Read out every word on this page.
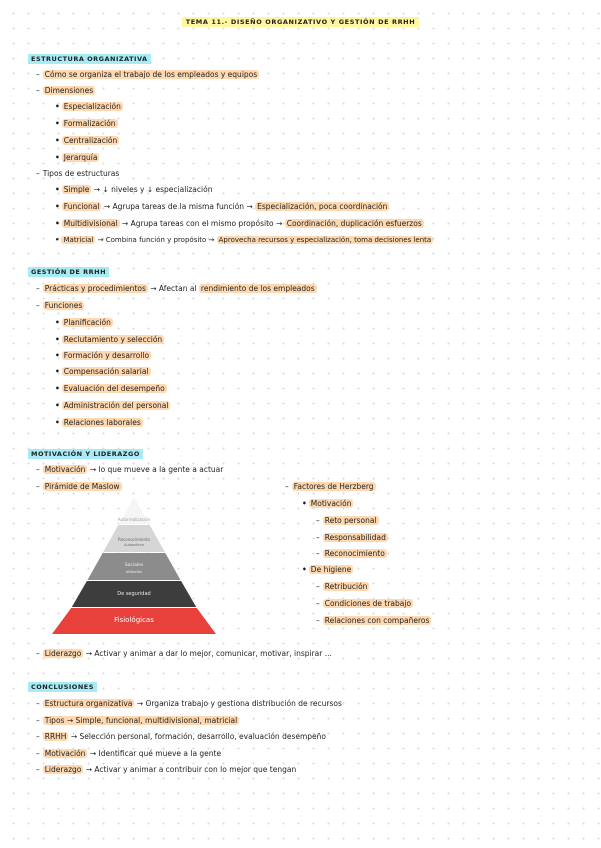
TEMA 11.- DISEÑO ORGANIZATIVO Y GESTIÓN DE RRHH
ESTRUCTURA ORGANIZATIVA
– Cómo se organiza el trabajo de los empleados y equipos
– Dimensiones
• Especialización
• Formalización
• Centralización
• Jerarquía
– Tipos de estructuras
• Simple → ↓ niveles y ↓ especialización
• Funcional → Agrupa tareas de la misma función → Especialización, poca coordinación
• Multidivisional → Agrupa tareas con el mismo propósito → Coordinación, duplicación esfuerzos
• Matricial → Combina función y propósito → Aprovecha recursos y especialización, toma decisiones lenta
GESTIÓN DE RRHH
– Prácticas y procedimientos → Afectan al rendimiento de los empleados
– Funciones
• Planificación
• Reclutamiento y selección
• Formación y desarrollo
• Compensación salarial
• Evaluación del desempeño
• Administración del personal
• Relaciones laborales
MOTIVACIÓN Y LIDERAZGO
– Motivación → lo que mueve a la gente a actuar
– Pirámide de Maslow	– Factores de Herzberg
• Motivación
– Reto personal
– Responsabilidad
– Reconocimiento
• De higiene
– Retribución
– Condiciones de trabajo
– Relaciones con compañeros
Autorrealización
Reconocimiento
Autoestima
Sociales
Afiliación
De seguridad
Fisiológicas
– Liderazgo → Activar y animar a dar lo mejor, comunicar, motivar, inspirar ...
CONCLUSIONES
– Estructura organizativa → Organiza trabajo y gestiona distribución de recursos
– Tipos → Simple, funcional, multidivisional, matricial
– RRHH → Selección personal, formación, desarrollo, evaluación desempeño
– Motivación → Identificar qué mueve a la gente
– Liderazgo → Activar y animar a contribuir con lo mejor que tengan
